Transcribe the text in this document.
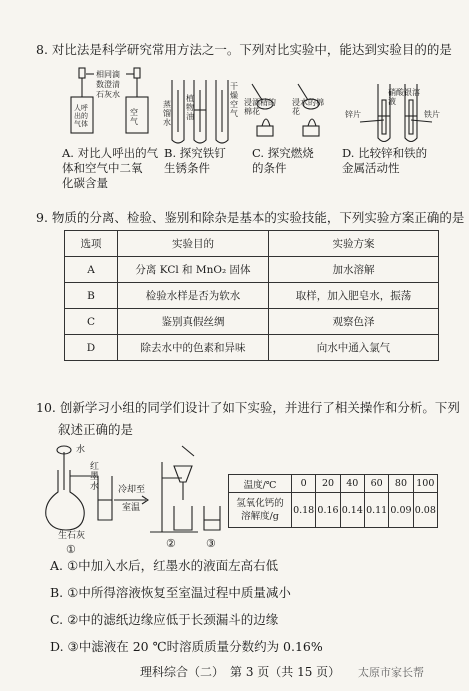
8. 对比法是科学研究常用方法之一。下列对比实验中，能达到实验目的的是
相同滴
数澄清
石灰水
人呼出的气体
空气
蒸馏水
植物油
干燥空气
浸酒精的棉花
浸水的棉花
硝酸银溶液
锌片	铁片
A. 对比人呼出的气
体和空气中二氧
化碳含量
B. 探究铁钉
生锈条件
C. 探究燃烧
的条件
D. 比较锌和铁的
金属活动性
9. 物质的分离、检验、鉴别和除杂是基本的实验技能，下列实验方案正确的是
选项	实验目的	实验方案
A	分离 KCl 和 MnO₂ 固体	加水溶解
B	检验水样是否为软水	取样，加入肥皂水，振荡
C	鉴别真假丝绸	观察色泽
D	除去水中的色素和异味	向水中通入氯气
10. 创新学习小组的同学们设计了如下实验，并进行了相关操作和分析。下列
叙述正确的是
水
红墨水
生石灰
冷却至
室温
①	②	③
温度/℃	0	20	40	60	80	100
氢氧化钙的
溶解度/g	0.18	0.16	0.14	0.11	0.09	0.08
A. ①中加入水后，红墨水的液面左高右低
B. ①中所得溶液恢复至室温过程中质量减小
C. ②中的滤纸边缘应低于长颈漏斗的边缘
D. ③中滤液在 20 ℃时溶质质量分数约为 0.16%
理科综合（二）　第 3 页（共 15 页） 太原市家长帮
